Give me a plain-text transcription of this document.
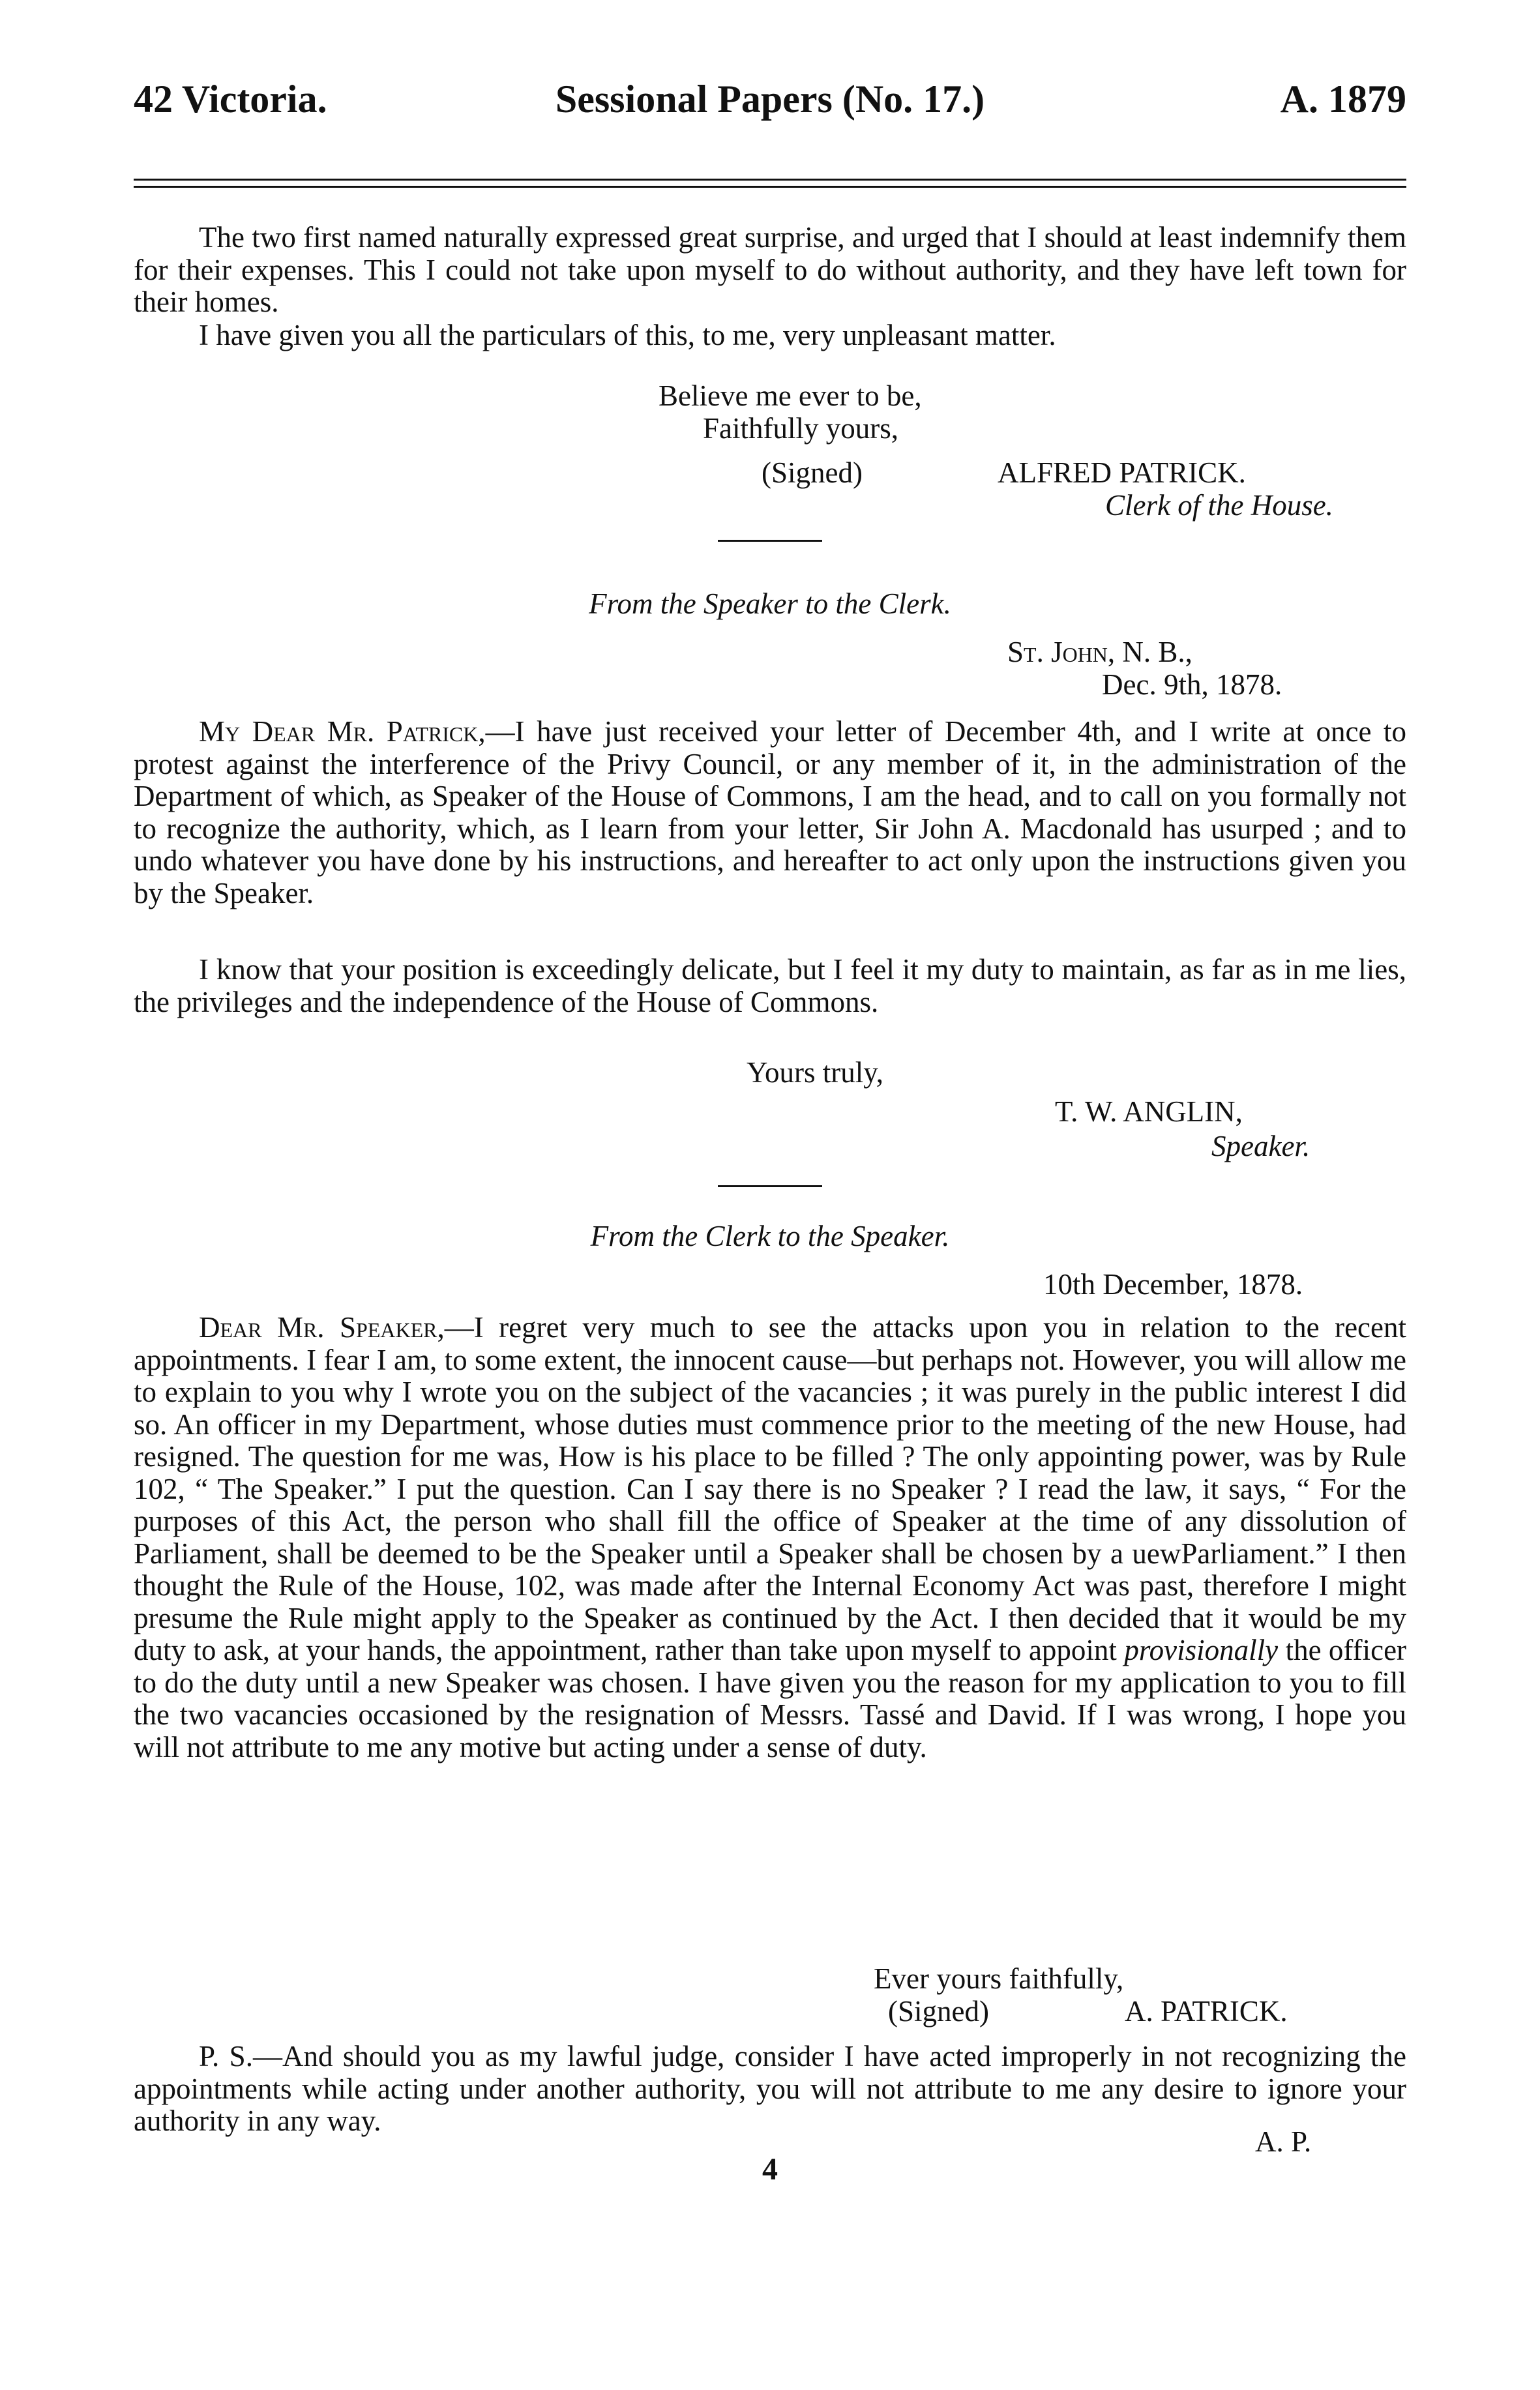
42 Victoria.	Sessional Papers (No. 17.)	A. 1879
The two first named naturally expressed great surprise, and urged that I should at least indemnify them for their expenses. This I could not take upon myself to do without authority, and they have left town for their homes.
I have given you all the particulars of this, to me, very unpleasant matter.
Believe me ever to be,
Faithfully yours,
(Signed)	ALFRED PATRICK.
Clerk of the House.
From the Speaker to the Clerk.
St. John, N. B.,
Dec. 9th, 1878.
My Dear Mr. Patrick,—I have just received your letter of December 4th, and I write at once to protest against the interference of the Privy Council, or any member of it, in the administration of the Department of which, as Speaker of the House of Commons, I am the head, and to call on you formally not to recognize the authority, which, as I learn from your letter, Sir John A. Macdonald has usurped ; and to undo whatever you have done by his instructions, and hereafter to act only upon the instructions given you by the Speaker.
I know that your position is exceedingly delicate, but I feel it my duty to maintain, as far as in me lies, the privileges and the independence of the House of Commons.
Yours truly,
T. W. ANGLIN,
Speaker.
From the Clerk to the Speaker.
10th December, 1878.
Dear Mr. Speaker,—I regret very much to see the attacks upon you in relation to the recent appointments. I fear I am, to some extent, the innocent cause—but perhaps not. However, you will allow me to explain to you why I wrote you on the subject of the vacancies ; it was purely in the public interest I did so. An officer in my Department, whose duties must commence prior to the meeting of the new House, had resigned. The question for me was, How is his place to be filled ? The only appointing power, was by Rule 102, “ The Speaker.” I put the question. Can I say there is no Speaker ? I read the law, it says, “ For the purposes of this Act, the person who shall fill the office of Speaker at the time of any dissolution of Parliament, shall be deemed to be the Speaker until a Speaker shall be chosen by a uewParliament.” I then thought the Rule of the House, 102, was made after the Internal Economy Act was past, therefore I might presume the Rule might apply to the Speaker as continued by the Act. I then decided that it would be my duty to ask, at your hands, the appointment, rather than take upon myself to appoint provisionally the officer to do the duty until a new Speaker was chosen. I have given you the reason for my application to you to fill the two vacancies occasioned by the resignation of Messrs. Tassé and David. If I was wrong, I hope you will not attribute to me any motive but acting under a sense of duty.
Ever yours faithfully,
(Signed)	A. PATRICK.
P. S.—And should you as my lawful judge, consider I have acted improperly in not recognizing the appointments while acting under another authority, you will not attribute to me any desire to ignore your authority in any way.
A. P.
4
